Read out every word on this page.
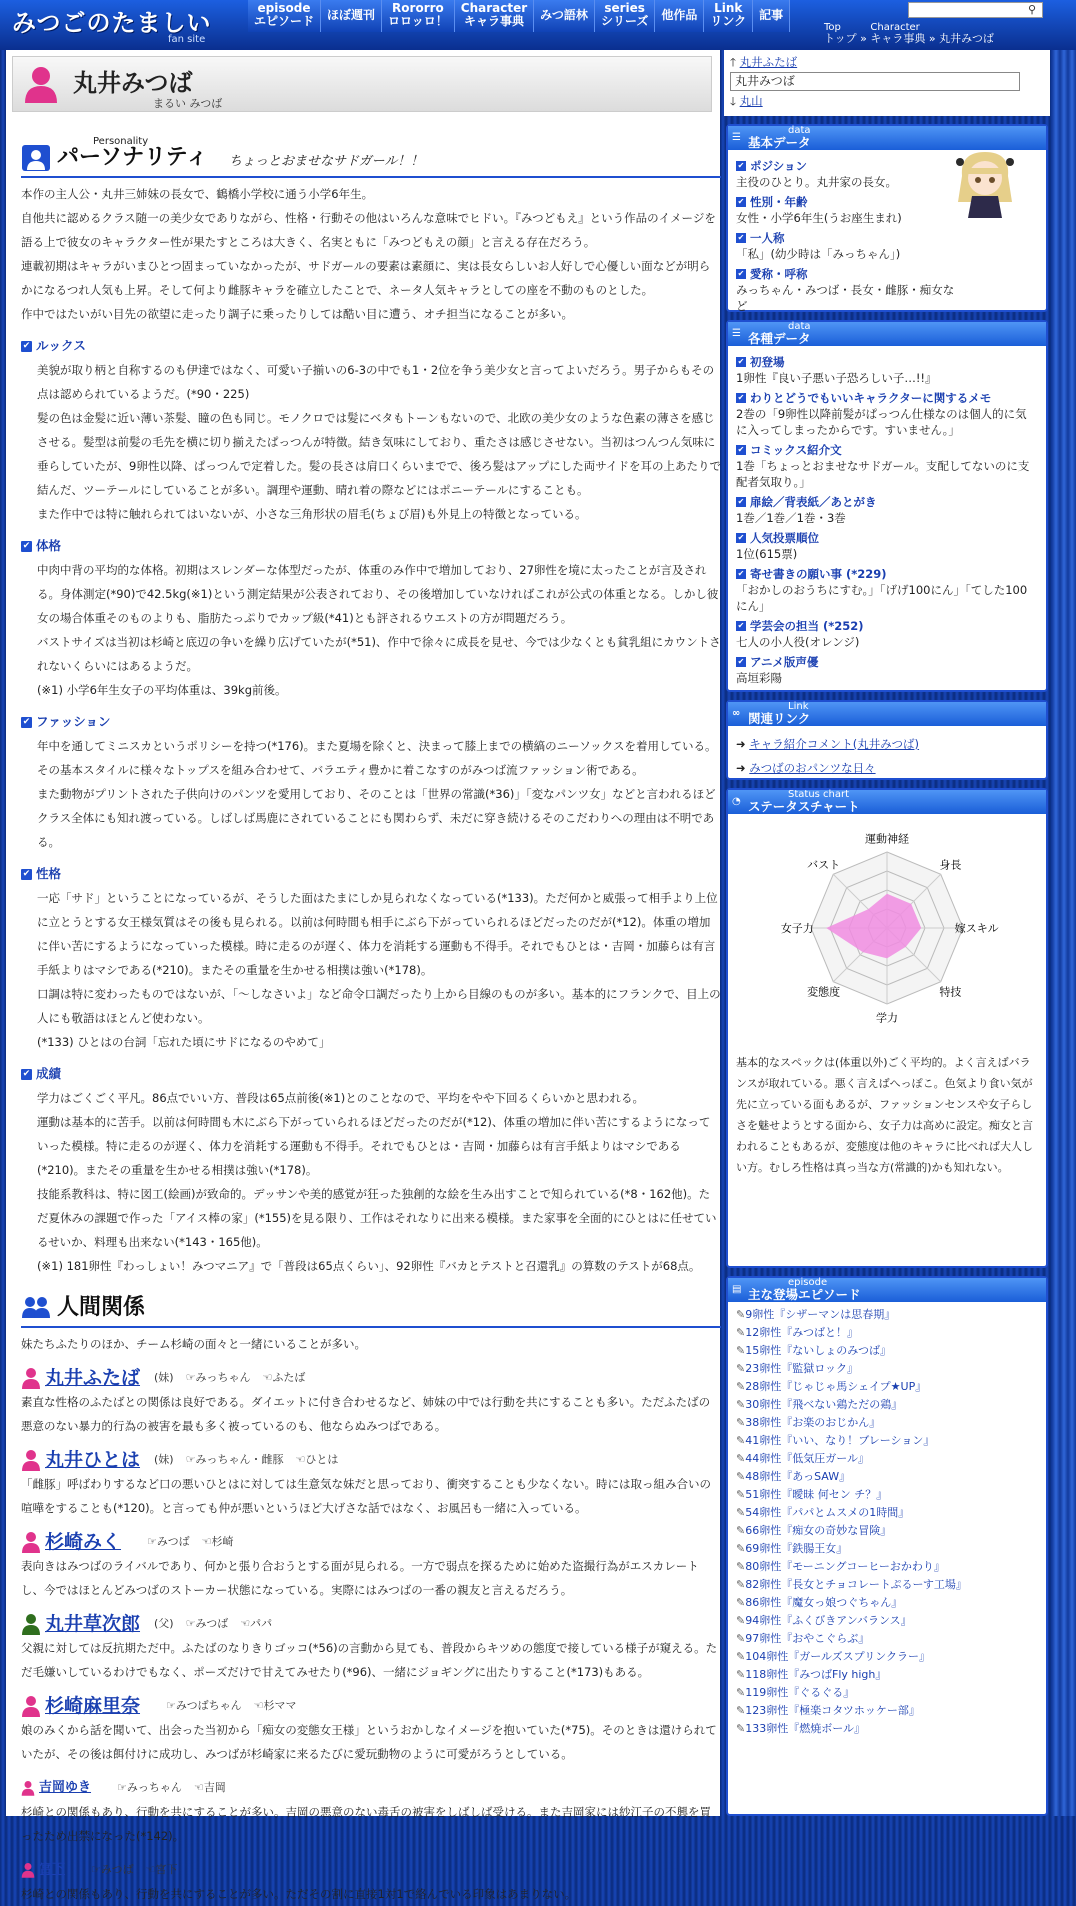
みつごのたましい
fan site
episode
エピソード	ほぼ週刊	Rororro
ロロッロ！
Character
キャラ事典	みつ語林	series
シリーズ	他作品	Link
リンク	記事	⚲
Top
トップ »
Character
キャラ事典 » 丸井みつば
丸井みつば
まるい みつば
Personality
パーソナリティ ちょっとおませなサドガール！！

本作の主人公・丸井三姉妹の長女で、鶴橋小学校に通う小学6年生。

自他共に認めるクラス随一の美少女でありながら、性格・行動その他はいろんな意味でヒドい。『みつどもえ』という作品のイメージを語る上で彼女のキャラクター性が果たすところは大きく、名実ともに「みつどもえの顔」と言える存在だろう。

連載初期はキャラがいまひとつ固まっていなかったが、サドガールの要素は素顔に、実は長女らしいお人好しで心優しい面などが明らかになるつれ人気も上昇。そして何より雌豚キャラを確立したことで、ネータ人気キャラとしての座を不動のものとした。

作中ではたいがい目先の欲望に走ったり調子に乗ったりしては酷い目に遭う、オチ担当になることが多い。

✔ ルックス

美貌が取り柄と自称するのも伊達ではなく、可愛い子揃いの6-3の中でも1・2位を争う美少女と言ってよいだろう。男子からもその点は認められているようだ。(*90・225)

髪の色は金髪に近い薄い茶髪、瞳の色も同じ。モノクロでは髪にベタもトーンもないので、北欧の美少女のような色素の薄さを感じさせる。髪型は前髪の毛先を横に切り揃えたぱっつんが特徴。結き気味にしており、重たさは感じさせない。当初はつんつん気味に垂らしていたが、9卵性以降、ぱっつんで定着した。髪の長さは肩口くらいまでで、後ろ髪はアップにした両サイドを耳の上あたりで結んだ、ツーテールにしていることが多い。調理や運動、晴れ着の際などにはポニーテールにすることも。

また作中では特に触れられてはいないが、小さな三角形状の眉毛(ちょび眉)も外見上の特徴となっている。

✔ 体格

中肉中背の平均的な体格。初期はスレンダーな体型だったが、体重のみ作中で増加しており、27卵性を境に太ったことが言及される。身体測定(*90)で42.5kg(※1)という測定結果が公表されており、その後増加していなければこれが公式の体重となる。しかし彼女の場合体重そのものよりも、脂肪たっぷりでカップ級(*41)とも評されるウエストの方が問題だろう。

バストサイズは当初は杉崎と底辺の争いを繰り広げていたが(*51)、作中で徐々に成長を見せ、今では少なくとも貧乳組にカウントされないくらいにはあるようだ。

(※1) 小学6年生女子の平均体重は、39kg前後。

✔ ファッション

年中を通してミニスカというポリシーを持つ(*176)。また夏場を除くと、決まって膝上までの横縞のニーソックスを着用している。その基本スタイルに様々なトップスを組み合わせて、バラエティ豊かに着こなすのがみつば流ファッション術である。

また動物がプリントされた子供向けのパンツを愛用しており、そのことは「世界の常識(*36)」「変なパンツ女」などと言われるほどクラス全体にも知れ渡っている。しばしば馬鹿にされていることにも関わらず、未だに穿き続けるそのこだわりへの理由は不明である。

✔ 性格

一応「サド」ということになっているが、そうした面はたまにしか見られなくなっている(*133)。ただ何かと威張って相手より上位に立とうとする女王様気質はその後も見られる。以前は何時間も相手にぶら下がっていられるほどだったのだが(*12)。体重の増加に伴い苦にするようになっていった模様。時に走るのが遅く、体力を消耗する運動も不得手。それでもひとは・吉岡・加藤らは有言手紙よりはマシである(*210)。またその重量を生かせる相撲は強い(*178)。

口調は特に変わったものではないが、「～しなさいよ」など命令口調だったり上から目線のものが多い。基本的にフランクで、目上の人にも敬語はほとんど使わない。

(*133) ひとはの台詞「忘れた頃にサドになるのやめて」

✔ 成績

学力はごくごく平凡。86点でいい方、普段は65点前後(※1)とのことなので、平均をやや下回るくらいかと思われる。

運動は基本的に苦手。以前は何時間も木にぶら下がっていられるほどだったのだが(*12)、体重の増加に伴い苦にするようになっていった模様。特に走るのが遅く、体力を消耗する運動も不得手。それでもひとは・吉岡・加藤らは有言手紙よりはマシである(*210)。またその重量を生かせる相撲は強い(*178)。

技能系教科は、特に図工(絵画)が致命的。デッサンや美的感覚が狂った独創的な絵を生み出すことで知られている(*8・162他)。ただ夏休みの課題で作った「アイス棒の家」(*155)を見る限り、工作はそれなりに出来る模様。また家事を全面的にひとはに任せているせいか、料理も出来ない(*143・165他)。

(※1) 181卵性『わっしょい！みつマニア』で「普段は65点くらい」、92卵性『バカとテストと召還乳』の算数のテストが68点。

人間関係

妹たちふたりのほか、チーム杉崎の面々と一緒にいることが多い。

丸井ふたば (妹) ☞みっちゃん ☜ふたば

素直な性格のふたばとの関係は良好である。ダイエットに付き合わせるなど、姉妹の中では行動を共にすることも多い。ただふたばの悪意のない暴力的行為の被害を最も多く被っているのも、他ならぬみつばである。

丸井ひとは (妹) ☞みっちゃん・雌豚 ☜ひとは

「雌豚」呼ばわりするなど口の悪いひとはに対しては生意気な妹だと思っており、衝突することも少なくない。時には取っ組み合いの喧嘩をすることも(*120)。と言っても仲が悪いというほど大げさな話ではなく、お風呂も一緒に入っている。

杉崎みく	☞みつば ☜杉崎

表向きはみつばのライバルであり、何かと張り合おうとする面が見られる。一方で弱点を探るために始めた盗撮行為がエスカレートし、今ではほとんどみつばのストーカー状態になっている。実際にはみつばの一番の親友と言えるだろう。

丸井草次郎 (父) ☞みつば ☜パパ

父親に対しては反抗期ただ中。ふたばのなりきりゴッコ(*56)の言動から見ても、普段からキツめの態度で接している様子が窺える。ただ毛嫌いしているわけでもなく、ポーズだけで甘えてみせたり(*96)、一緒にジョギングに出たりすること(*173)もある。

杉崎麻里奈	☞みつばちゃん ☜杉ママ

娘のみくから話を聞いて、出会った当初から「痴女の変態女王様」というおかしなイメージを抱いていた(*75)。そのときは還けられていたが、その後は餌付けに成功し、みつばが杉崎家に来るたびに愛玩動物のように可愛がろうとしている。

吉岡ゆき	☞みっちゃん ☜吉岡

杉崎との関係もあり、行動を共にすることが多い。吉岡の悪意のない毒舌の被害をしばしば受ける。また吉岡家には紗江子の不興を買ったため出禁になった(*142)。

宮下	☞みつば ☜宮下

杉崎との関係もあり、行動を共にすることが多い。ただその割に直接1対1で絡んでいる印象はあまりない。

🡑 丸井ふたば
丸井みつば
🡓 丸山
☰
data
基本データ
✔ ポジション
主役のひとり。丸井家の長女。
✔ 性別・年齢
女性・小学6年生(うお座生まれ)
✔ 一人称
「私」(幼少時は「みっちゃん」)
✔ 愛称・呼称
みっちゃん・みつば・長女・雌豚・痴女など
☰
data
各種データ
✔ 初登場
1卵性『良い子悪い子恐ろしい子…!!』
✔ わりとどうでもいいキャラクターに関するメモ
2巻の「9卵性以降前髪がぱっつん仕様なのは個人的に気に入ってしまったからです。すいません。」
✔ コミックス紹介文
1巻「ちょっとおませなサドガール。支配してないのに支配者気取り。」
✔ 扉絵／背表紙／あとがき
1巻／1巻／1巻・3巻
✔ 人気投票順位
1位(615票)
✔ 寄せ書きの願い事 (*229)
「おかしのおうちにすむ。」「げげ100にん」「てした100にん」
✔ 学芸会の担当 (*252)
七人の小人役(オレンジ)
✔ アニメ版声優
高垣彩陽
∞
Link
関連リンク
➜ キャラ紹介コメント(丸井みつば)
➜ みつばのおパンツな日々
◔
Status chart
ステータスチャート
運動神経
身長
嫁スキル
特技
学力
変態度
女子力
バスト

基本的なスペックは(体重以外)ごく平均的。よく言えばバランスが取れている。悪く言えばへっぽこ。色気より食い気が先に立っている面もあるが、ファッションセンスや女子らしさを魅せようとする面から、女子力は高めに設定。痴女と言われることもあるが、変態度は他のキャラに比べれば大人しい方。むしろ性格は真っ当な方(常識的)かも知れない。

▤
episode
主な登場エピソード
✎ 9卵性『シザーマンは思春期』
✎ 12卵性『みつばと！』
✎ 15卵性『ないしょのみつば』
✎ 23卵性『監獄ロック』
✎ 28卵性『じゃじゃ馬シェイプ★UP』
✎ 30卵性『飛べない鶏ただの鶏』
✎ 38卵性『お楽のおじかん』
✎ 41卵性『いい、なり！ブレーション』
✎ 44卵性『低気圧ガール』
✎ 48卵性『あっSAW』
✎ 51卵性『曖昧 何セン チ？』
✎ 54卵性『パパとムスメの1時間』
✎ 66卵性『痴女の奇妙な冒険』
✎ 69卵性『鉄腸王女』
✎ 80卵性『モーニングコーヒーおかわり』
✎ 82卵性『長女とチョコレートぷるーす工場』
✎ 86卵性『魔女っ娘つぐちゃん』
✎ 94卵性『ふくびきアンバランス』
✎ 97卵性『おやこぐらぶ』
✎ 104卵性『ガールズスプリンクラー』
✎ 118卵性『みつばFly high』
✎ 119卵性『ぐるぐる』
✎ 123卵性『極楽コタツホッケー部』
✎ 133卵性『燃焼ボール』
